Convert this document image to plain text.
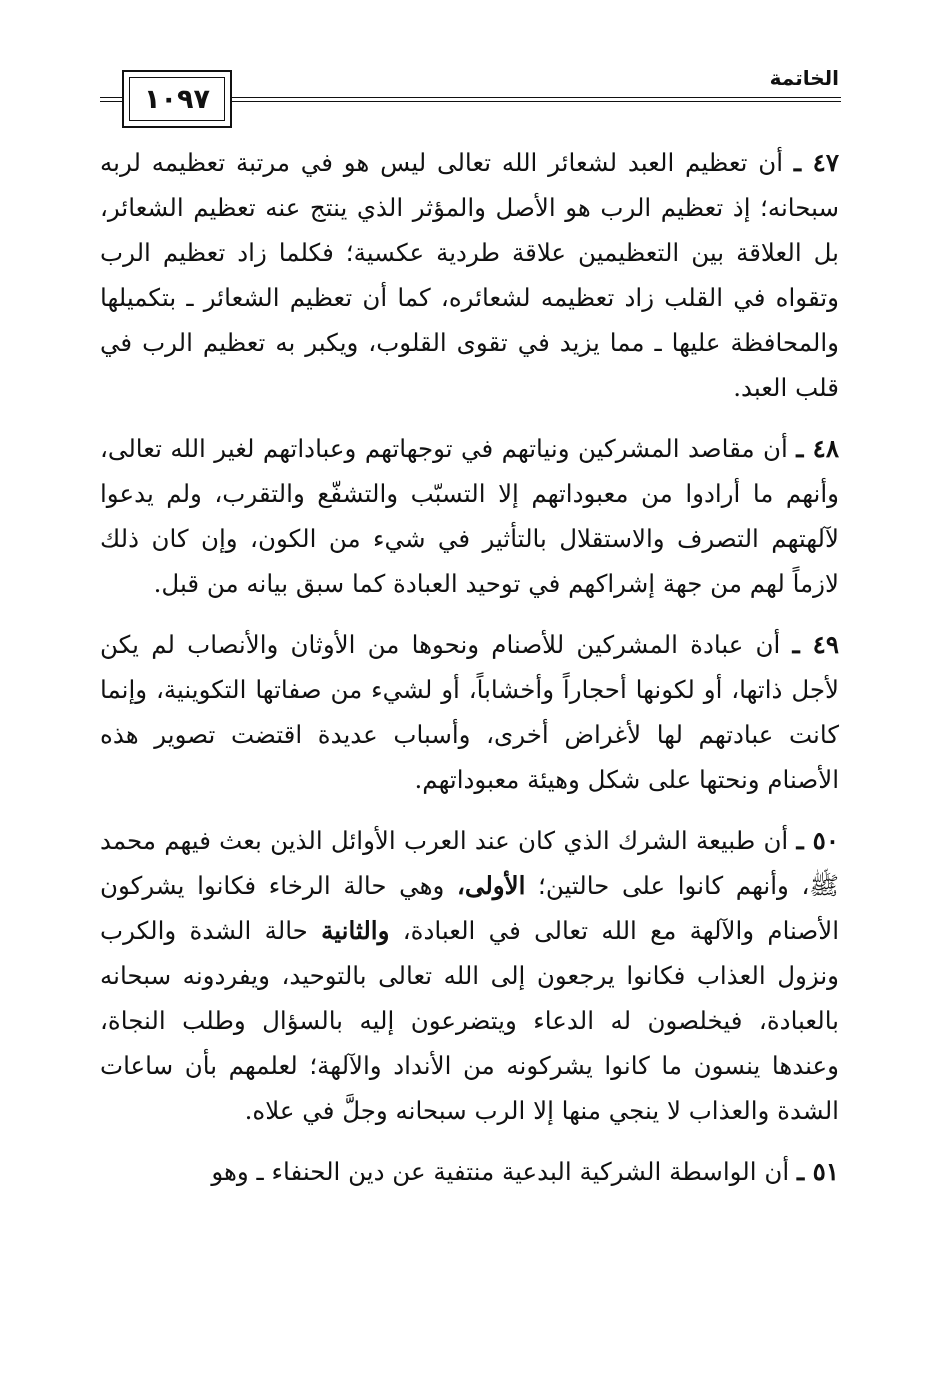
الخاتمة
١٠٩٧

٤٧ ـ أن تعظيم العبد لشعائر الله تعالى ليس هو في مرتبة تعظيمه لربه سبحانه؛ إذ تعظيم الرب هو الأصل والمؤثر الذي ينتج عنه تعظيم الشعائر، بل العلاقة بين التعظيمين علاقة طردية عكسية؛ فكلما زاد تعظيم الرب وتقواه في القلب زاد تعظيمه لشعائره، كما أن تعظيم الشعائر ـ بتكميلها والمحافظة عليها ـ مما يزيد في تقوى القلوب، ويكبر به تعظيم الرب في قلب العبد.

٤٨ ـ أن مقاصد المشركين ونياتهم في توجهاتهم وعباداتهم لغير الله تعالى، وأنهم ما أرادوا من معبوداتهم إلا التسبّب والتشفّع والتقرب، ولم يدعوا لآلهتهم التصرف والاستقلال بالتأثير في شيء من الكون، وإن كان ذلك لازماً لهم من جهة إشراكهم في توحيد العبادة كما سبق بيانه من قبل.

٤٩ ـ أن عبادة المشركين للأصنام ونحوها من الأوثان والأنصاب لم يكن لأجل ذاتها، أو لكونها أحجاراً وأخشاباً، أو لشيء من صفاتها التكوينية، وإنما كانت عبادتهم لها لأغراض أخرى، وأسباب عديدة اقتضت تصوير هذه الأصنام ونحتها على شكل وهيئة معبوداتهم.

٥٠ ـ أن طبيعة الشرك الذي كان عند العرب الأوائل الذين بعث فيهم محمد ﷺ، وأنهم كانوا على حالتين؛ الأولى، وهي حالة الرخاء فكانوا يشركون الأصنام والآلهة مع الله تعالى في العبادة، والثانية حالة الشدة والكرب ونزول العذاب فكانوا يرجعون إلى الله تعالى بالتوحيد، ويفردونه سبحانه بالعبادة، فيخلصون له الدعاء ويتضرعون إليه بالسؤال وطلب النجاة، وعندها ينسون ما كانوا يشركونه من الأنداد والآلهة؛ لعلمهم بأن ساعات الشدة والعذاب لا ينجي منها إلا الرب سبحانه وجلَّ في علاه.

٥١ ـ أن الواسطة الشركية البدعية منتفية عن دين الحنفاء ـ وهو
